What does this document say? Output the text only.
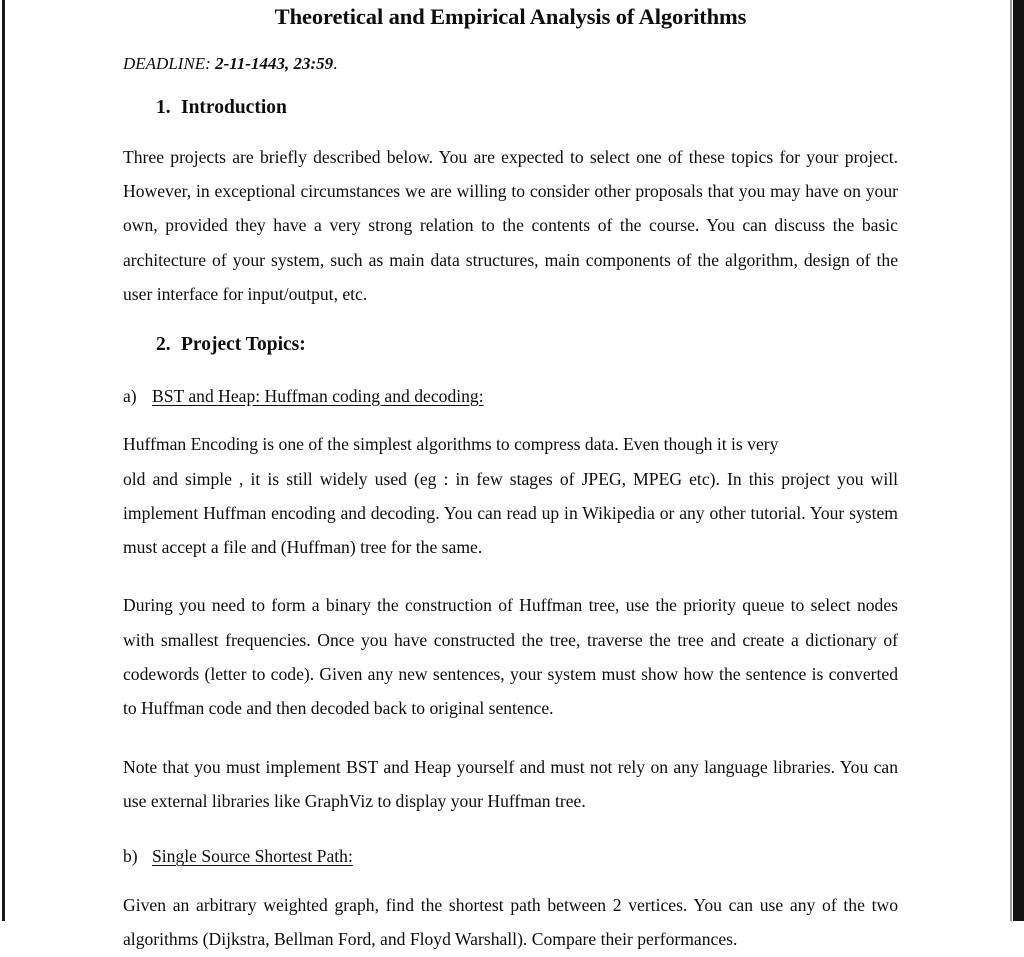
Theoretical and Empirical Analysis of Algorithms

DEADLINE: 2-11-1443, 23:59.

1. Introduction

Three projects are briefly described below. You are expected to select one of these topics for your project. However, in exceptional circumstances we are willing to consider other proposals that you may have on your own, provided they have a very strong relation to the contents of the course. You can discuss the basic architecture of your system, such as main data structures, main components of the algorithm, design of the user interface for input/output, etc.

2. Project Topics:

a) BST and Heap: Huffman coding and decoding:

Huffman Encoding is one of the simplest algorithms to compress data. Even though it is very

old and simple , it is still widely used (eg : in few stages of JPEG, MPEG etc). In this project you will implement Huffman encoding and decoding. You can read up in Wikipedia or any other tutorial. Your system must accept a file and (Huffman) tree for the same.

During you need to form a binary the construction of Huffman tree, use the priority queue to select nodes with smallest frequencies. Once you have constructed the tree, traverse the tree and create a dictionary of codewords (letter to code). Given any new sentences, your system must show how the sentence is converted to Huffman code and then decoded back to original sentence.

Note that you must implement BST and Heap yourself and must not rely on any language libraries. You can use external libraries like GraphViz to display your Huffman tree.

b) Single Source Shortest Path:

Given an arbitrary weighted graph, find the shortest path between 2 vertices. You can use any of the two algorithms (Dijkstra, Bellman Ford, and Floyd Warshall). Compare their performances.
